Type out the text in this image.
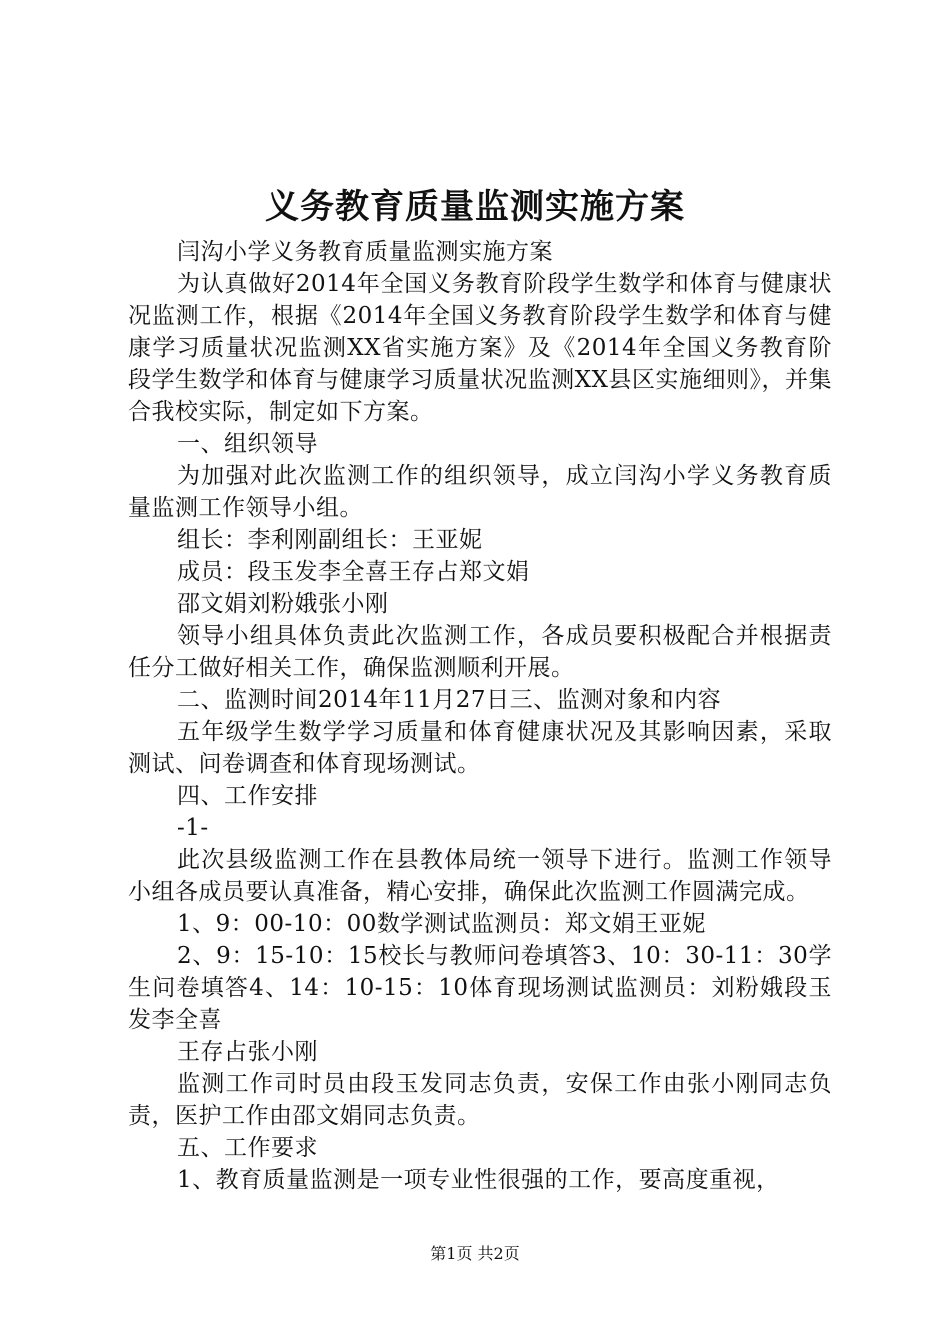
义务教育质量监测实施方案

闫沟小学义务教育质量监测实施方案

为认真做好2014年全国义务教育阶段学生数学和体育与健康状况监测工作，根据《2014年全国义务教育阶段学生数学和体育与健康学习质量状况监测XX省实施方案》及《2014年全国义务教育阶段学生数学和体育与健康学习质量状况监测XX县区实施细则》，并集合我校实际，制定如下方案。

一、组织领导

为加强对此次监测工作的组织领导，成立闫沟小学义务教育质量监测工作领导小组。

组长：李利刚副组长：王亚妮

成员：段玉发李全喜王存占郑文娟

邵文娟刘粉娥张小刚

领导小组具体负责此次监测工作，各成员要积极配合并根据责任分工做好相关工作，确保监测顺利开展。

二、监测时间2014年11月27日三、监测对象和内容

五年级学生数学学习质量和体育健康状况及其影响因素，采取测试、问卷调查和体育现场测试。

四、工作安排

-1-

此次县级监测工作在县教体局统一领导下进行。监测工作领导小组各成员要认真准备，精心安排，确保此次监测工作圆满完成。

1、9：00-10：00数学测试监测员：郑文娟王亚妮

2、9：15-10：15校长与教师问卷填答3、10：30-11：30学生问卷填答4、14：10-15：10体育现场测试监测员：刘粉娥段玉发李全喜

王存占张小刚

监测工作司时员由段玉发同志负责，安保工作由张小刚同志负责，医护工作由邵文娟同志负责。

五、工作要求

1、教育质量监测是一项专业性很强的工作，要高度重视，

第1页 共2页
